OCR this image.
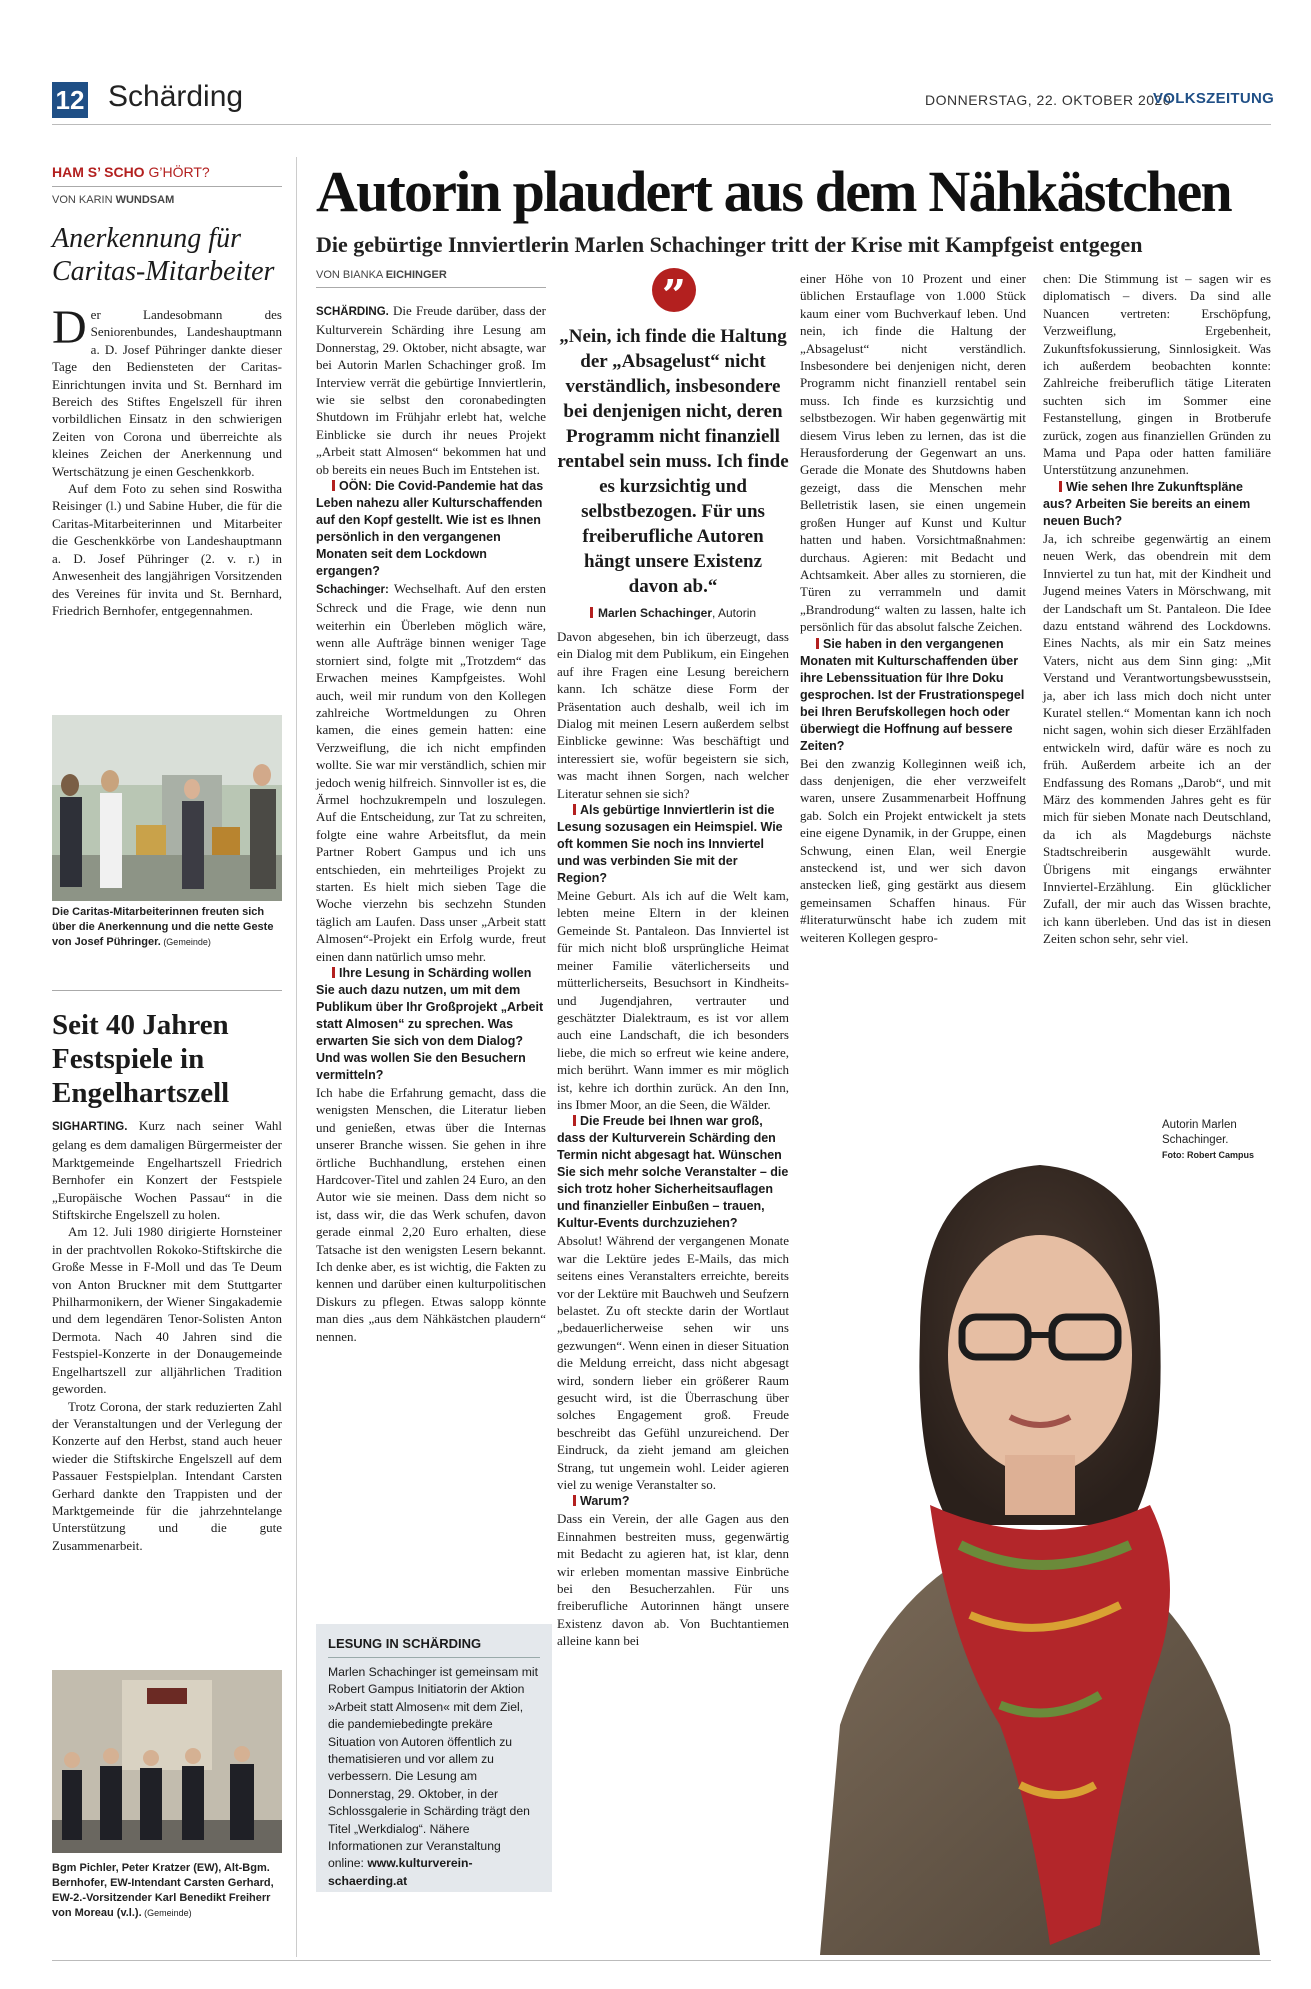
12 Schärding	DONNERSTAG, 22. OKTOBER 2020
VOLKSZEITUNG
HAM S’ SCHO G’HÖRT?
VON KARIN WUNDSAM
Anerkennung für Caritas-Mitarbeiter

Der Landesobmann des Seniorenbundes, Landeshauptmann a. D. Josef Pühringer dankte dieser Tage den Bediensteten der Caritas-Einrichtungen invita und St. Bernhard im Bereich des Stiftes Engelszell für ihren vorbildlichen Einsatz in den schwierigen Zeiten von Corona und überreichte als kleines Zeichen der Anerkennung und Wertschätzung je einen Geschenkkorb.

Auf dem Foto zu sehen sind Roswitha Reisinger (l.) und Sabine Huber, die für die Caritas-Mitarbeiterinnen und Mitarbeiter die Geschenkkörbe von Landeshauptmann a. D. Josef Pühringer (2. v. r.) in Anwesenheit des langjährigen Vorsitzenden des Vereines für invita und St. Bernhard, Friedrich Bernhofer, entgegennahmen.

Die Caritas-Mitarbeiterinnen freuten sich über die Anerkennung und die nette Geste von Josef Pühringer. (Gemeinde)
Seit 40 Jahren Festspiele in Engelhartszell

SIGHARTING. Kurz nach seiner Wahl gelang es dem damaligen Bürgermeister der Marktgemeinde Engelhartszell Friedrich Bernhofer ein Konzert der Festspiele „Europäische Wochen Passau“ in die Stiftskirche Engelszell zu holen.

Am 12. Juli 1980 dirigierte Hornsteiner in der prachtvollen Rokoko-Stiftskirche die Große Messe in F-Moll und das Te Deum von Anton Bruckner mit dem Stuttgarter Philharmonikern, der Wiener Singakademie und dem legendären Tenor-Solisten Anton Dermota. Nach 40 Jahren sind die Festspiel-Konzerte in der Donaugemeinde Engelhartszell zur alljährlichen Tradition geworden.

Trotz Corona, der stark reduzierten Zahl der Veranstaltungen und der Verlegung der Konzerte auf den Herbst, stand auch heuer wieder die Stiftskirche Engelszell auf dem Passauer Festspielplan. Intendant Carsten Gerhard dankte den Trappisten und der Marktgemeinde für die jahrzehntelange Unterstützung und die gute Zusammenarbeit.

Bgm Pichler, Peter Kratzer (EW), Alt-Bgm. Bernhofer, EW-Intendant Carsten Gerhard, EW-2.-Vorsitzender Karl Benedikt Freiherr von Moreau (v.l.). (Gemeinde)
Autorin plaudert aus dem Nähkästchen
Die gebürtige Innviertlerin Marlen Schachinger tritt der Krise mit Kampfgeist entgegen
VON BIANKA EICHINGER

SCHÄRDING. Die Freude darüber, dass der Kulturverein Schärding ihre Lesung am Donnerstag, 29. Oktober, nicht absagte, war bei Autorin Marlen Schachinger groß. Im Interview verrät die gebürtige Innviertlerin, wie sie selbst den coronabedingten Shutdown im Frühjahr erlebt hat, welche Einblicke sie durch ihr neues Projekt „Arbeit statt Almosen“ bekommen hat und ob bereits ein neues Buch im Entstehen ist.

OÖN: Die Covid-Pandemie hat das Leben nahezu aller Kulturschaffenden auf den Kopf gestellt. Wie ist es Ihnen persönlich in den vergangenen Monaten seit dem Lockdown ergangen?

Schachinger: Wechselhaft. Auf den ersten Schreck und die Frage, wie denn nun weiterhin ein Überleben möglich wäre, wenn alle Aufträge binnen weniger Tage storniert sind, folgte mit „Trotzdem“ das Erwachen meines Kampfgeistes. Wohl auch, weil mir rundum von den Kollegen zahlreiche Wortmeldungen zu Ohren kamen, die eines gemein hatten: eine Verzweiflung, die ich nicht empfinden wollte. Sie war mir verständlich, schien mir jedoch wenig hilfreich. Sinnvoller ist es, die Ärmel hochzukrempeln und loszulegen. Auf die Entscheidung, zur Tat zu schreiten, folgte eine wahre Arbeitsflut, da mein Partner Robert Gampus und ich uns entschieden, ein mehrteiliges Projekt zu starten. Es hielt mich sieben Tage die Woche vierzehn bis sechzehn Stunden täglich am Laufen. Dass unser „Arbeit statt Almosen“-Projekt ein Erfolg wurde, freut einen dann natürlich umso mehr.

Ihre Lesung in Schärding wollen Sie auch dazu nutzen, um mit dem Publikum über Ihr Großprojekt „Arbeit statt Almosen“ zu sprechen. Was erwarten Sie sich von dem Dialog? Und was wollen Sie den Besuchern vermitteln?

Ich habe die Erfahrung gemacht, dass die wenigsten Menschen, die Literatur lieben und genießen, etwas über die Internas unserer Branche wissen. Sie gehen in ihre örtliche Buchhandlung, erstehen einen Hardcover-Titel und zahlen 24 Euro, an den Autor wie sie meinen. Dass dem nicht so ist, dass wir, die das Werk schufen, davon gerade einmal 2,20 Euro erhalten, diese Tatsache ist den wenigsten Lesern bekannt. Ich denke aber, es ist wichtig, die Fakten zu kennen und darüber einen kulturpolitischen Diskurs zu pflegen. Etwas salopp könnte man dies „aus dem Nähkästchen plaudern“ nennen.

”
„Nein, ich finde die Haltung der „Absagelust“ nicht verständlich, insbesondere bei denjenigen nicht, deren Programm nicht finanziell rentabel sein muss. Ich finde es kurzsichtig und selbstbezogen. Für uns freiberufliche Autoren hängt unsere Existenz davon ab.“
Marlen Schachinger, Autorin

Davon abgesehen, bin ich überzeugt, dass ein Dialog mit dem Publikum, ein Eingehen auf ihre Fragen eine Lesung bereichern kann. Ich schätze diese Form der Präsentation auch deshalb, weil ich im Dialog mit meinen Lesern außerdem selbst Einblicke gewinne: Was beschäftigt und interessiert sie, wofür begeistern sie sich, was macht ihnen Sorgen, nach welcher Literatur sehnen sie sich?

Als gebürtige Innviertlerin ist die Lesung sozusagen ein Heimspiel. Wie oft kommen Sie noch ins Innviertel und was verbinden Sie mit der Region?

Meine Geburt. Als ich auf die Welt kam, lebten meine Eltern in der kleinen Gemeinde St. Pantaleon. Das Innviertel ist für mich nicht bloß ursprüngliche Heimat meiner Familie väterlicherseits und mütterlicherseits, Besuchsort in Kindheits- und Jugendjahren, vertrauter und geschätzter Dialektraum, es ist vor allem auch eine Landschaft, die ich besonders liebe, die mich so erfreut wie keine andere, mich berührt. Wann immer es mir möglich ist, kehre ich dorthin zurück. An den Inn, ins Ibmer Moor, an die Seen, die Wälder.

Die Freude bei Ihnen war groß, dass der Kulturverein Schärding den Termin nicht abgesagt hat. Wünschen Sie sich mehr solche Veranstalter – die sich trotz hoher Sicherheitsauflagen und finanzieller Einbußen – trauen, Kultur-Events durchzuziehen?

Absolut! Während der vergangenen Monate war die Lektüre jedes E-Mails, das mich seitens eines Veranstalters erreichte, bereits vor der Lektüre mit Bauchweh und Seufzern belastet. Zu oft steckte darin der Wortlaut „bedauerlicherweise sehen wir uns gezwungen“. Wenn einen in dieser Situation die Meldung erreicht, dass nicht abgesagt wird, sondern lieber ein größerer Raum gesucht wird, ist die Überraschung über solches Engagement groß. Freude beschreibt das Gefühl unzureichend. Der Eindruck, da zieht jemand am gleichen Strang, tut ungemein wohl. Leider agieren viel zu wenige Veranstalter so.

Warum?

Dass ein Verein, der alle Gagen aus den Einnahmen bestreiten muss, gegenwärtig mit Bedacht zu agieren hat, ist klar, denn wir erleben momentan massive Einbrüche bei den Besucherzahlen. Für uns freiberufliche Autorinnen hängt unsere Existenz davon ab. Von Buchtantiemen alleine kann bei

einer Höhe von 10 Prozent und einer üblichen Erstauflage von 1.000 Stück kaum einer vom Buchverkauf leben. Und nein, ich finde die Haltung der „Absagelust“ nicht verständlich. Insbesondere bei denjenigen nicht, deren Programm nicht finanziell rentabel sein muss. Ich finde es kurzsichtig und selbstbezogen. Wir haben gegenwärtig mit diesem Virus leben zu lernen, das ist die Herausforderung der Gegenwart an uns. Gerade die Monate des Shutdowns haben gezeigt, dass die Menschen mehr Belletristik lasen, sie einen ungemein großen Hunger auf Kunst und Kultur hatten und haben. Vorsichtmaßnahmen: durchaus. Agieren: mit Bedacht und Achtsamkeit. Aber alles zu stornieren, die Türen zu verrammeln und damit „Brandrodung“ walten zu lassen, halte ich persönlich für das absolut falsche Zeichen.

Sie haben in den vergangenen Monaten mit Kulturschaffenden über ihre Lebenssituation für Ihre Doku gesprochen. Ist der Frustrationspegel bei Ihren Berufskollegen hoch oder überwiegt die Hoffnung auf bessere Zeiten?

Bei den zwanzig Kolleginnen weiß ich, dass denjenigen, die eher verzweifelt waren, unsere Zusammenarbeit Hoffnung gab. Solch ein Projekt entwickelt ja stets eine eigene Dynamik, in der Gruppe, einen Schwung, einen Elan, weil Energie ansteckend ist, und wer sich davon anstecken ließ, ging gestärkt aus diesem gemeinsamen Schaffen hinaus. Für #literaturwünscht habe ich zudem mit weiteren Kollegen gespro-

chen: Die Stimmung ist – sagen wir es diplomatisch – divers. Da sind alle Nuancen vertreten: Erschöpfung, Verzweiflung, Ergebenheit, Zukunftsfokussierung, Sinnlosigkeit. Was ich außerdem beobachten konnte: Zahlreiche freiberuflich tätige Literaten suchten sich im Sommer eine Festanstellung, gingen in Brotberufe zurück, zogen aus finanziellen Gründen zu Mama und Papa oder hatten familiäre Unterstützung anzunehmen.

Wie sehen Ihre Zukunftspläne aus? Arbeiten Sie bereits an einem neuen Buch?

Ja, ich schreibe gegenwärtig an einem neuen Werk, das obendrein mit dem Innviertel zu tun hat, mit der Kindheit und Jugend meines Vaters in Mörschwang, mit der Landschaft um St. Pantaleon. Die Idee dazu entstand während des Lockdowns. Eines Nachts, als mir ein Satz meines Vaters, nicht aus dem Sinn ging: „Mit Verstand und Verantwortungsbewusstsein, ja, aber ich lass mich doch nicht unter Kuratel stellen.“ Momentan kann ich noch nicht sagen, wohin sich dieser Erzählfaden entwickeln wird, dafür wäre es noch zu früh. Außerdem arbeite ich an der Endfassung des Romans „Darob“, und mit März des kommenden Jahres geht es für mich für sieben Monate nach Deutschland, da ich als Magdeburgs nächste Stadtschreiberin ausgewählt wurde. Übrigens mit eingangs erwähnter Innviertel-Erzählung. Ein glücklicher Zufall, der mir auch das Wissen brachte, ich kann überleben. Und das ist in diesen Zeiten schon sehr, sehr viel.

LESUNG IN SCHÄRDING
Marlen Schachinger ist gemeinsam mit Robert Gampus Initiatorin der Aktion »Arbeit statt Almosen« mit dem Ziel, die pandemiebedingte prekäre Situation von Autoren öffentlich zu thematisieren und vor allem zu verbessern. Die Lesung am Donnerstag, 29. Oktober, in der Schlossgalerie in Schärding trägt den Titel „Werkdialog“. Nähere Informationen zur Veranstaltung online: www.kulturverein-schaerding.at
Autorin Marlen Schachinger.
Foto: Robert Campus
